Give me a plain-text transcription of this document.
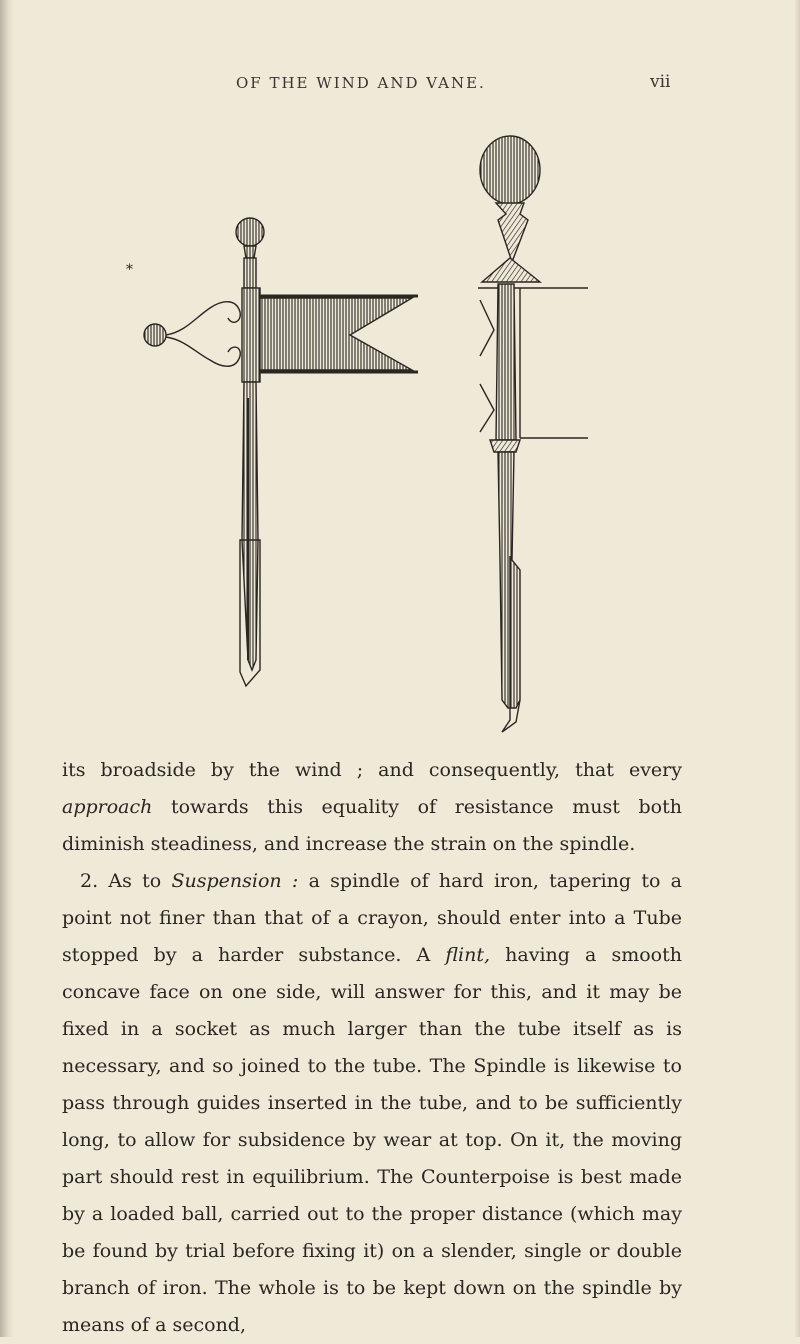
OF THE WIND AND VANE.	vii
*

its broadside by the wind ; and consequently, that every approach towards this equality of resistance must both diminish steadiness, and increase the strain on the spindle.

2. As to Suspension : a spindle of hard iron, tapering to a point not finer than that of a crayon, should enter into a Tube stopped by a harder substance. A flint, having a smooth concave face on one side, will answer for this, and it may be fixed in a socket as much larger than the tube itself as is necessary, and so joined to the tube. The Spindle is likewise to pass through guides inserted in the tube, and to be sufficiently long, to allow for subsidence by wear at top. On it, the moving part should rest in equilibrium. The Counterpoise is best made by a loaded ball, carried out to the proper distance (which may be found by trial before fixing it) on a slender, single or double branch of iron. The whole is to be kept down on the spindle by means of a second,
